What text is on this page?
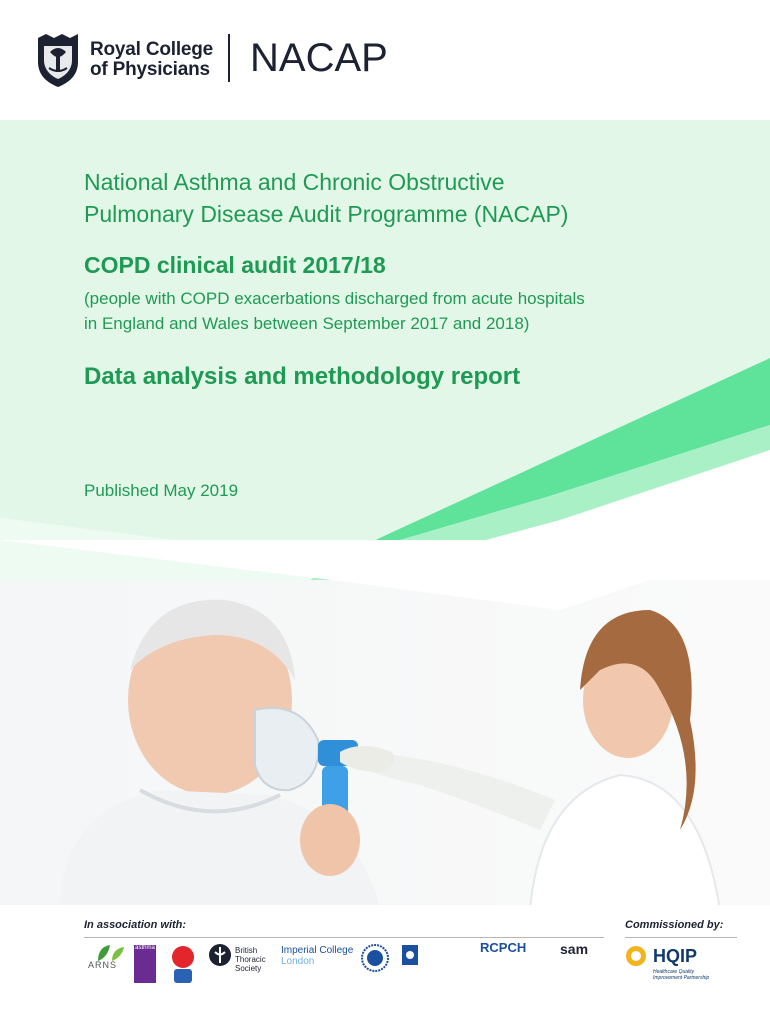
Royal College
of Physicians NACAP
National Asthma and Chronic Obstructive
Pulmonary Disease Audit Programme (NACAP)
COPD clinical audit 2017/18
(people with COPD exacerbations discharged from acute hospitals
in England and Wales between September 2017 and 2018)
Data analysis and methodology report
Published May 2019
In association with:	Commissioned by:
ARNS
asthma	British
Thoracic
Society
Imperial College
London
RCPCH sam	HQIP
Healthcare Quality
Improvement Partnership
